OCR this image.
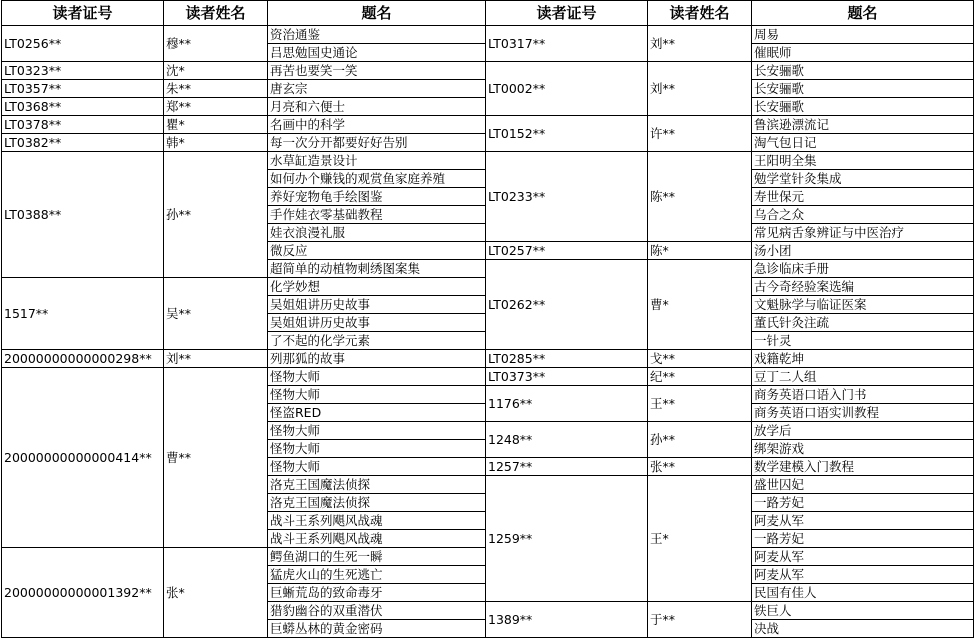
读者证号	读者姓名	题名	读者证号	读者姓名	题名
LT0256**	穆**	资治通鉴	LT0317**	刘**	周易
		吕思勉国史通论			催眠师
LT0323**	沈*	再苦也要笑一笑	LT0002**	刘**	长安骊歌
LT0357**	朱**	唐玄宗			长安骊歌
LT0368**	郑**	月亮和六便士			长安骊歌
LT0378**	瞿*	名画中的科学	LT0152**	许**	鲁滨逊漂流记
LT0382**	韩*	每一次分开都要好好告别			淘气包日记
LT0388**	孙**	水草缸造景设计	LT0233**	陈**	王阳明全集
		如何办个赚钱的观赏鱼家庭养殖			勉学堂针灸集成
		养好宠物龟手绘图鉴			寿世保元
		手作娃衣零基础教程			乌合之众
		娃衣浪漫礼服			常见病舌象辨证与中医治疗
		微反应	LT0257**	陈*	汤小团
		超简单的动植物刺绣图案集	LT0262**	曹*	急诊临床手册
1517**	吴**	化学妙想			古今奇经验案选编
		吴姐姐讲历史故事			文魁脉学与临证医案
		吴姐姐讲历史故事			董氏针灸注疏
		了不起的化学元素			一针灵
20000000000000298**	刘**	列那狐的故事	LT0285**	戈**	戏籍乾坤
20000000000000414**	曹**	怪物大师	LT0373**	纪**	豆丁二人组
		怪物大师	1176**	王**	商务英语口语入门书
		怪盗RED			商务英语口语实训教程
		怪物大师	1248**	孙**	放学后
		怪物大师			绑架游戏
		怪物大师	1257**	张**	数学建模入门教程
		洛克王国魔法侦探	1259**	王*	盛世囚妃
		洛克王国魔法侦探			一路芳妃
		战斗王系列飓风战魂			阿麦从军
		战斗王系列飓风战魂			一路芳妃
20000000000001392**	张*	鳄鱼湖口的生死一瞬			阿麦从军
		猛虎火山的生死逃亡			阿麦从军
		巨蜥荒岛的致命毒牙			民国有佳人
		猎豹幽谷的双重潜伏	1389**	于**	铁巨人
		巨蟒丛林的黄金密码			决战
